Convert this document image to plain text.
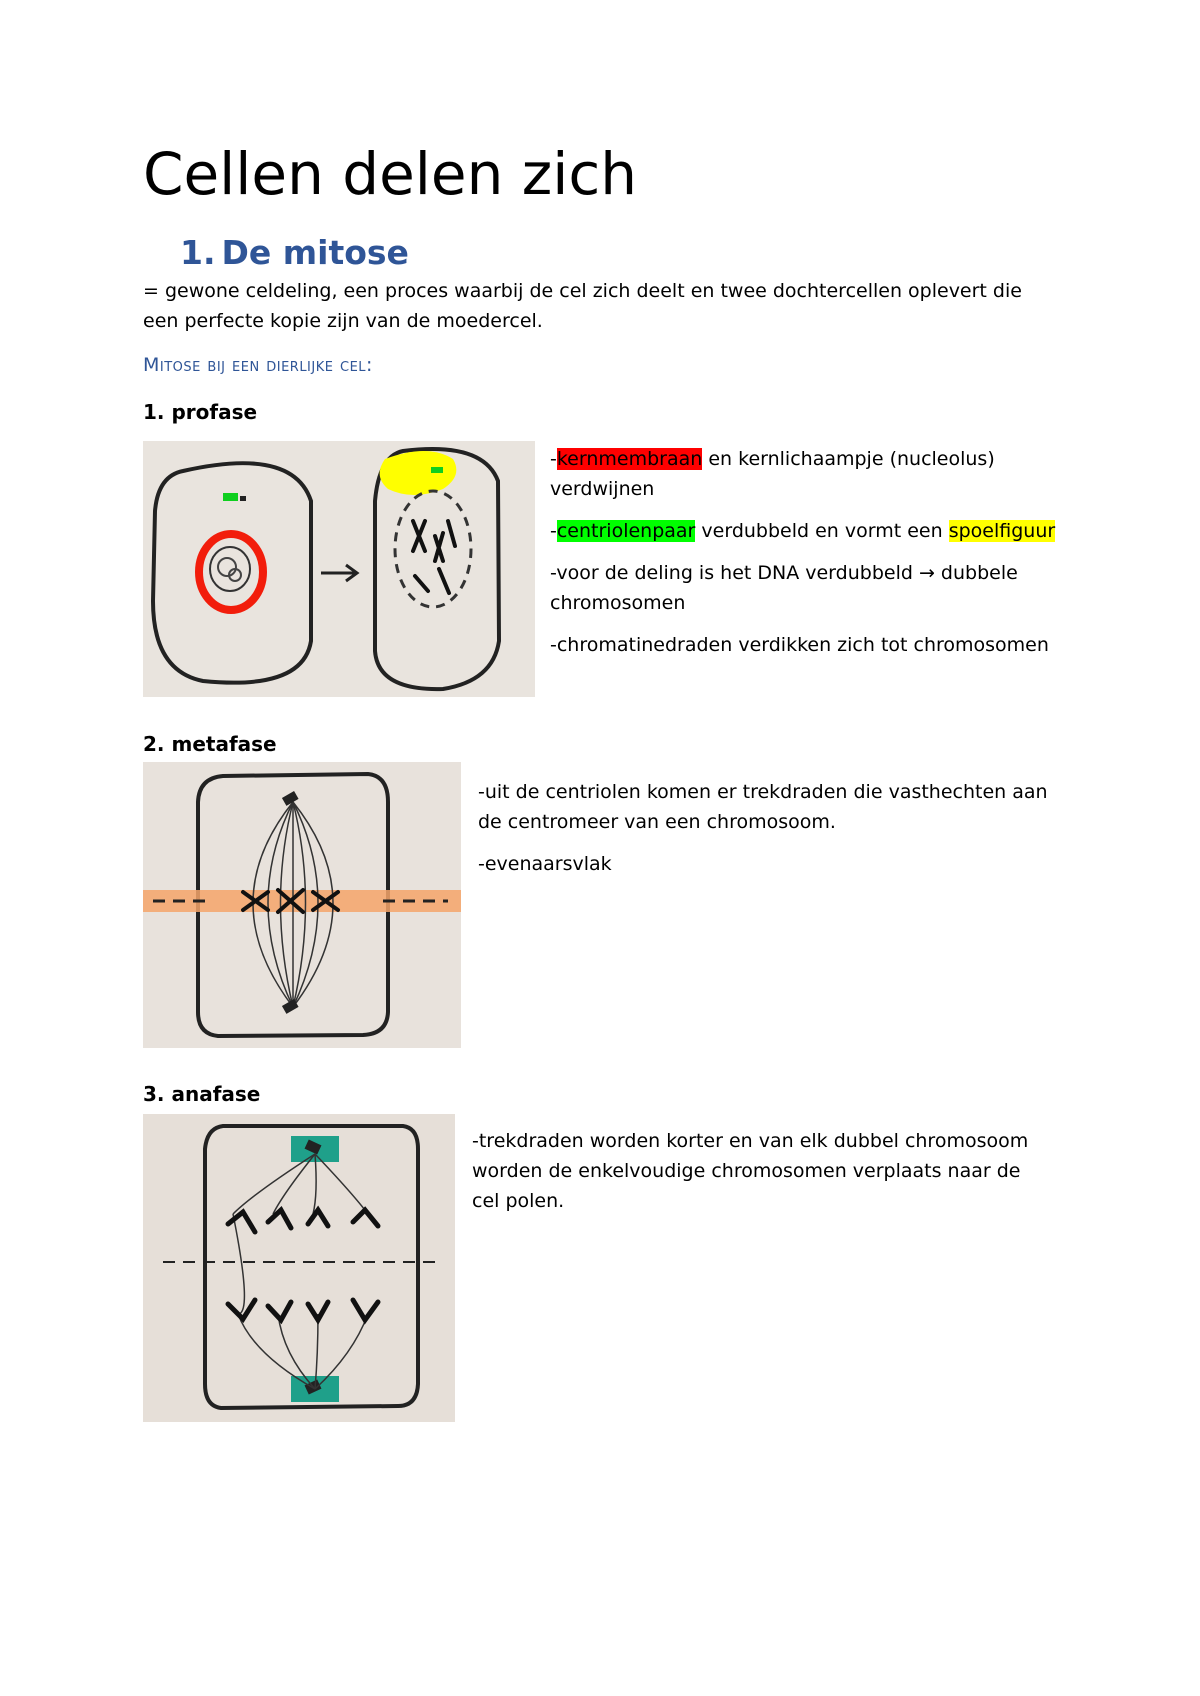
Cellen delen zich
1. De mitose
= gewone celdeling, een proces waarbij de cel zich deelt en twee dochtercellen oplevert die een perfecte kopie zijn van de moedercel.
Mitose bij een dierlijke cel:
1. profase

-kernmembraan en kernlichaampje (nucleolus) verdwijnen

-centriolenpaar verdubbeld en vormt een spoelfiguur

-voor de deling is het DNA verdubbeld → dubbele chromosomen

-chromatinedraden verdikken zich tot chromosomen

2. metafase

-uit de centriolen komen er trekdraden die vasthechten aan de centromeer van een chromosoom.

-evenaarsvlak

3. anafase

-trekdraden worden korter en van elk dubbel chromosoom worden de enkelvoudige chromosomen verplaats naar de cel polen.
